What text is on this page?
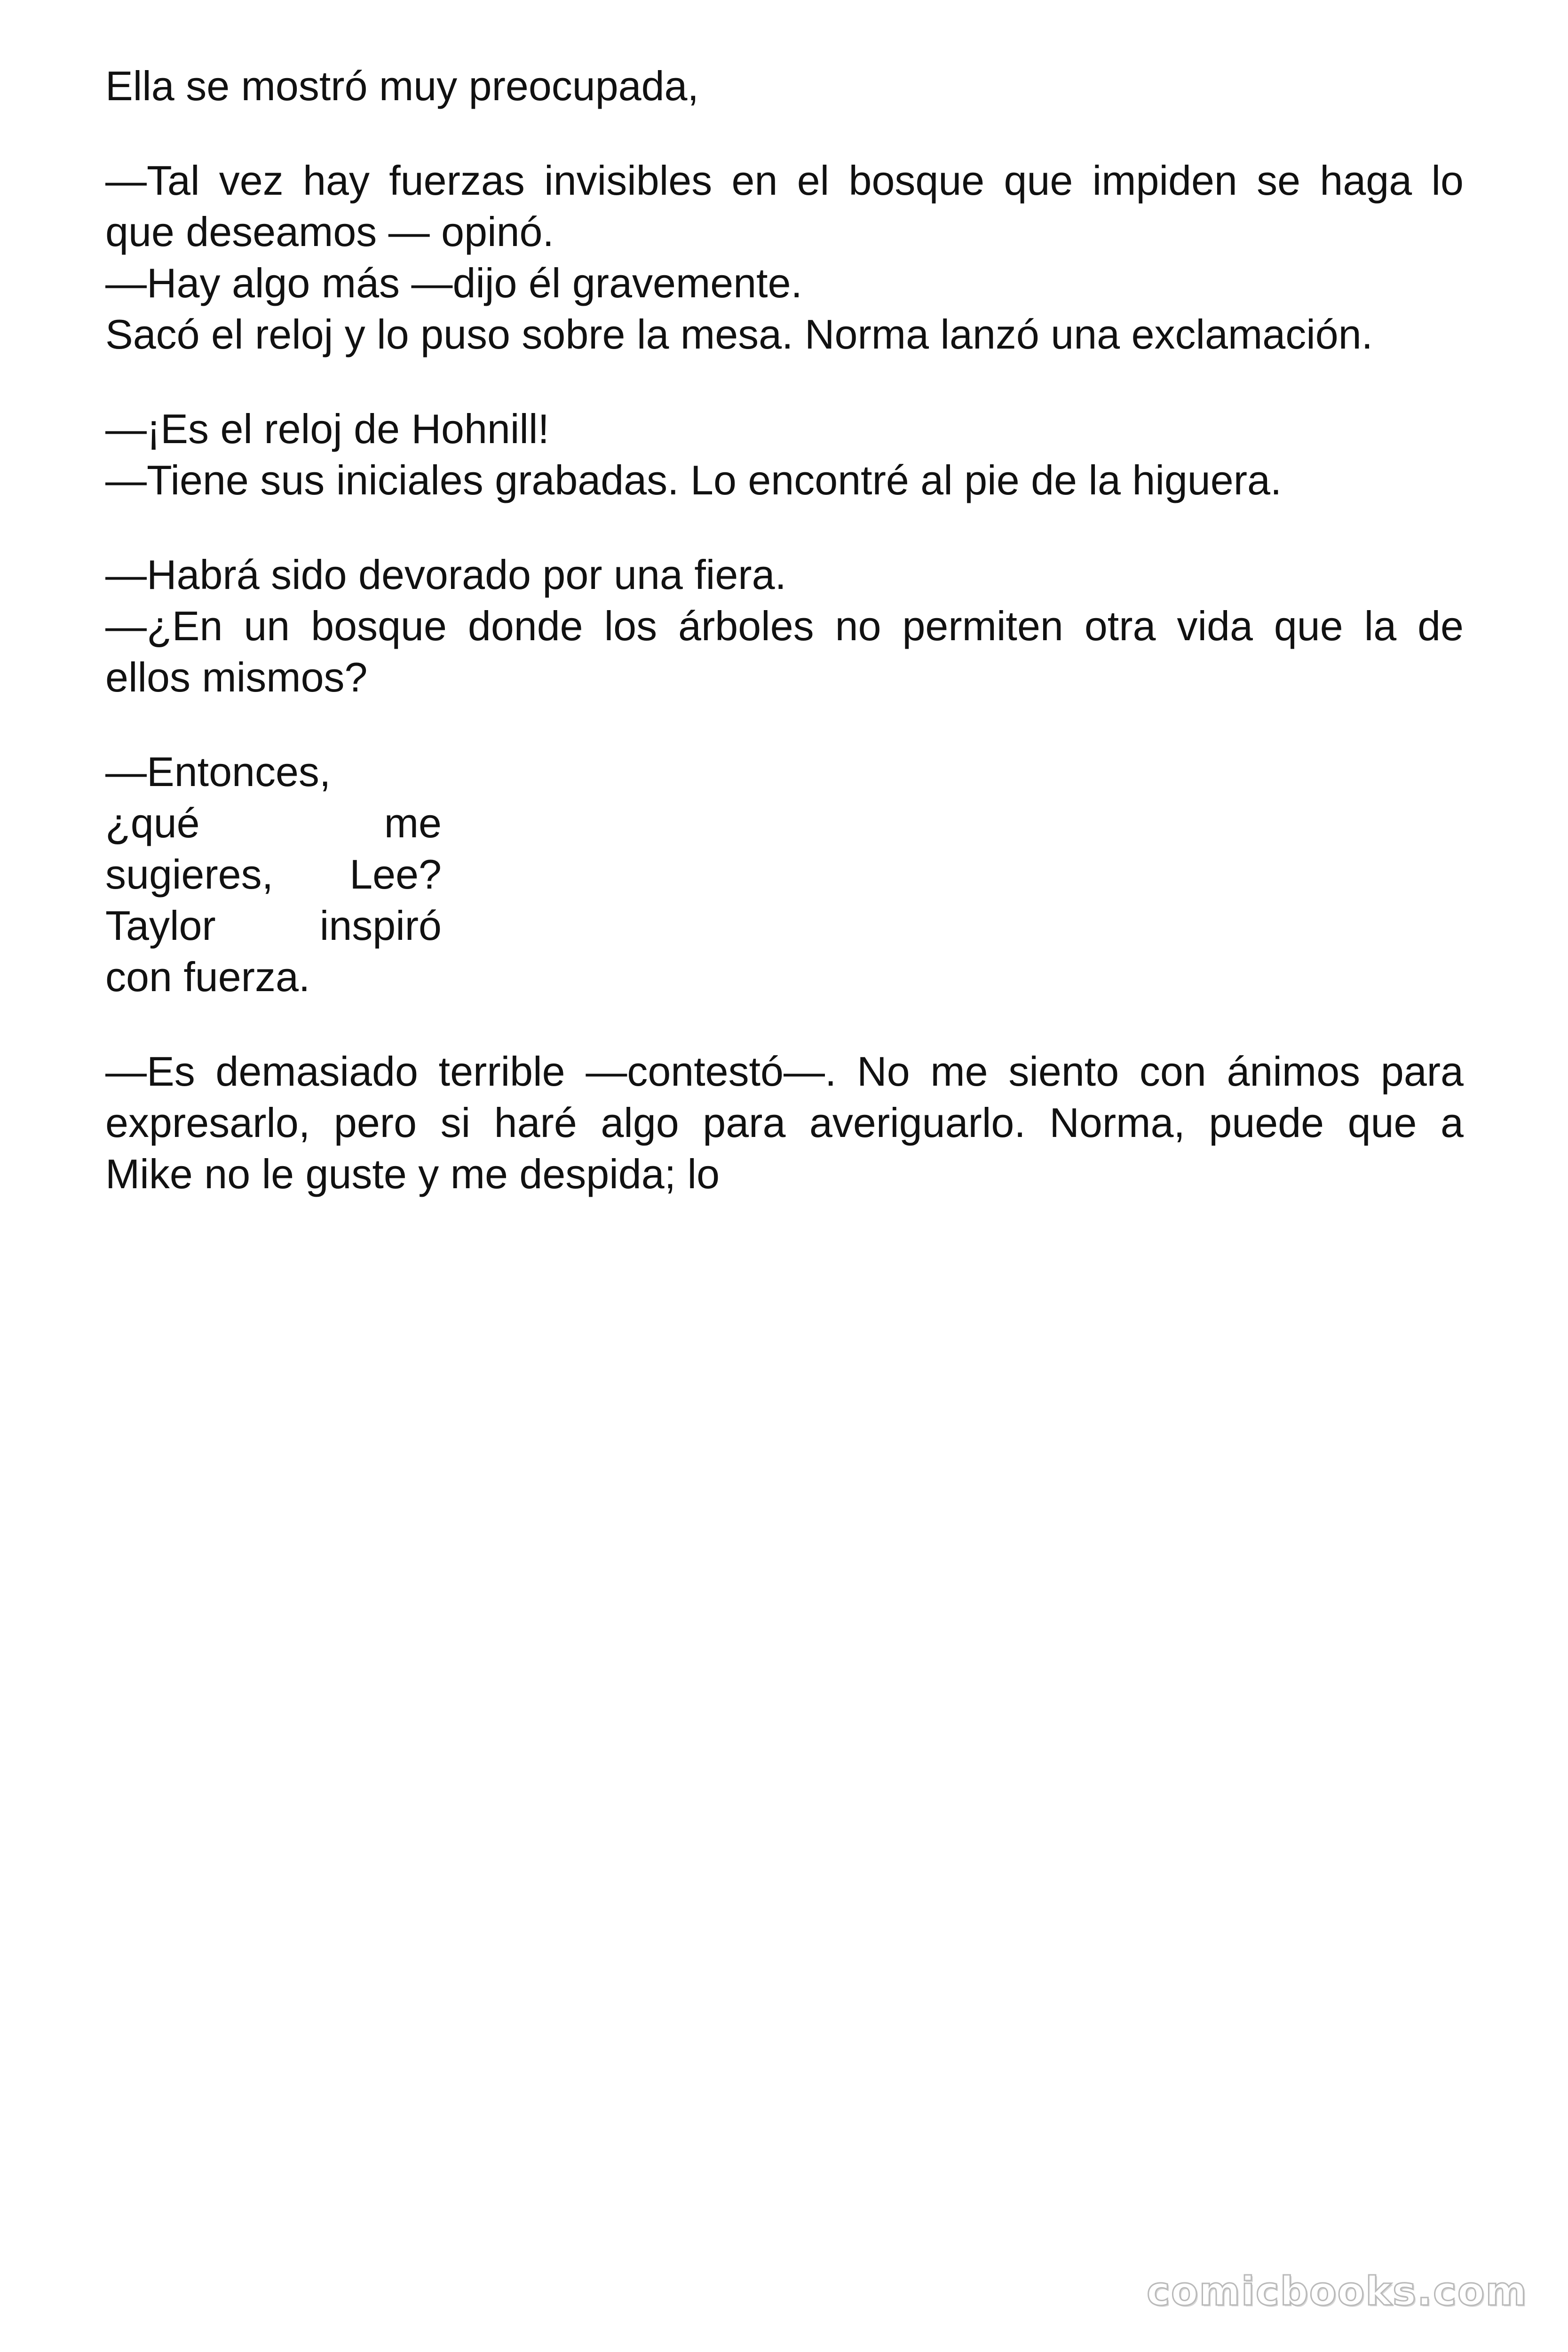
Ella se mostró muy preocupada,

—Tal vez hay fuerzas invisibles en el bosque que impiden se haga lo
que deseamos — opinó.
—Hay algo más —dijo él gravemente.
Sacó el reloj y lo puso sobre la mesa. Norma lanzó una exclamación.

—¡Es el reloj de Hohnill!
—Tiene sus iniciales grabadas. Lo encontré al pie de la higuera.

—Habrá sido devorado por una fiera.
—¿En un bosque donde los árboles no permiten otra vida que la de
ellos mismos?

—Entonces,
¿qué me
sugieres, Lee?
Taylor inspiró
con fuerza.

—Es demasiado terrible —contestó—. No me siento con ánimos para
expresarlo, pero si haré algo para averiguarlo. Norma, puede que a
Mike no le guste y me despida; lo

comicbooks.com
